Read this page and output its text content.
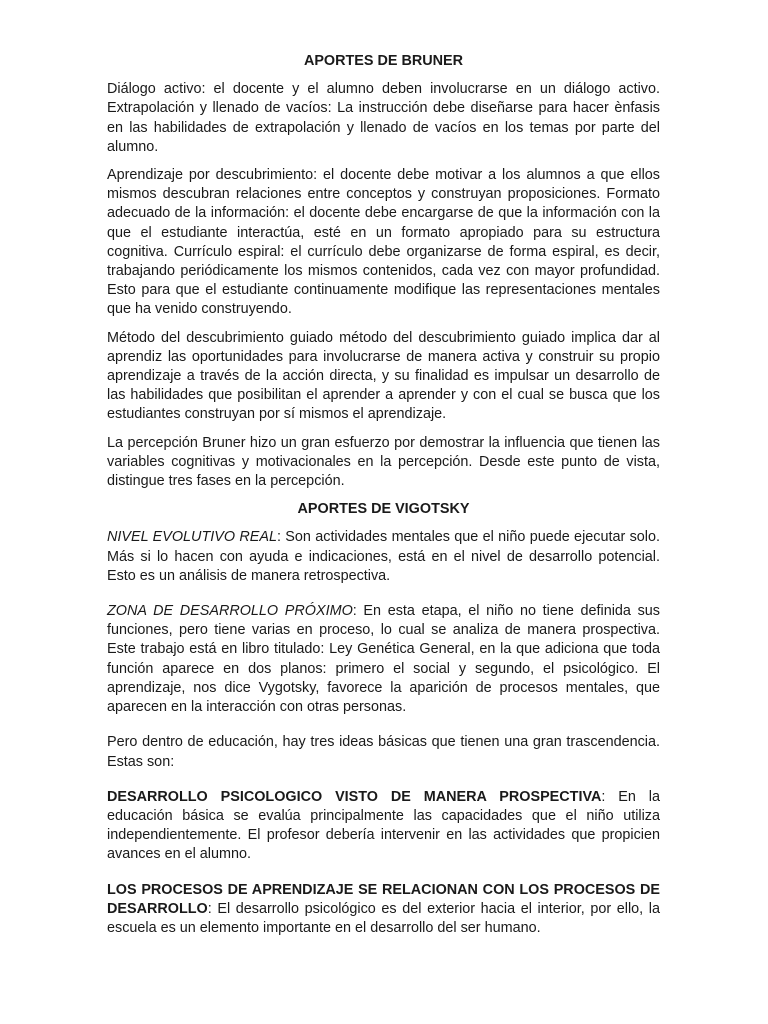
APORTES DE BRUNER

Diálogo activo: el docente y el alumno deben involucrarse en un diálogo activo. Extrapolación y llenado de vacíos: La instrucción debe diseñarse para hacer ènfasis en las habilidades de extrapolación y llenado de vacíos en los temas por parte del alumno.

Aprendizaje por descubrimiento: el docente debe motivar a los alumnos a que ellos mismos descubran relaciones entre conceptos y construyan proposiciones. Formato adecuado de la información: el docente debe encargarse de que la información con la que el estudiante interactúa, esté en un formato apropiado para su estructura cognitiva. Currículo espiral: el currículo debe organizarse de forma espiral, es decir, trabajando periódicamente los mismos contenidos, cada vez con mayor profundidad. Esto para que el estudiante continuamente modifique las representaciones mentales que ha venido construyendo.

Método del descubrimiento guiado método del descubrimiento guiado implica dar al aprendiz las oportunidades para involucrarse de manera activa y construir su propio aprendizaje a través de la acción directa, y su finalidad es impulsar un desarrollo de las habilidades que posibilitan el aprender a aprender y con el cual se busca que los estudiantes construyan por sí mismos el aprendizaje.

La percepción Bruner hizo un gran esfuerzo por demostrar la influencia que tienen las variables cognitivas y motivacionales en la percepción. Desde este punto de vista, distingue tres fases en la percepción.

APORTES DE VIGOTSKY

NIVEL EVOLUTIVO REAL: Son actividades mentales que el niño puede ejecutar solo. Más si lo hacen con ayuda e indicaciones, está en el nivel de desarrollo potencial. Esto es un análisis de manera retrospectiva.

ZONA DE DESARROLLO PRÓXIMO: En esta etapa, el niño no tiene definida sus funciones, pero tiene varias en proceso, lo cual se analiza de manera prospectiva. Este trabajo está en libro titulado: Ley Genética General, en la que adiciona que toda función aparece en dos planos: primero el social y segundo, el psicológico. El aprendizaje, nos dice Vygotsky, favorece la aparición de procesos mentales, que aparecen en la interacción con otras personas.

Pero dentro de educación, hay tres ideas básicas que tienen una gran trascendencia. Estas son:

DESARROLLO PSICOLOGICO VISTO DE MANERA PROSPECTIVA: En la educación básica se evalúa principalmente las capacidades que el niño utiliza independientemente. El profesor debería intervenir en las actividades que propicien avances en el alumno.

LOS PROCESOS DE APRENDIZAJE SE RELACIONAN CON LOS PROCESOS DE DESARROLLO: El desarrollo psicológico es del exterior hacia el interior, por ello, la escuela es un elemento importante en el desarrollo del ser humano.
